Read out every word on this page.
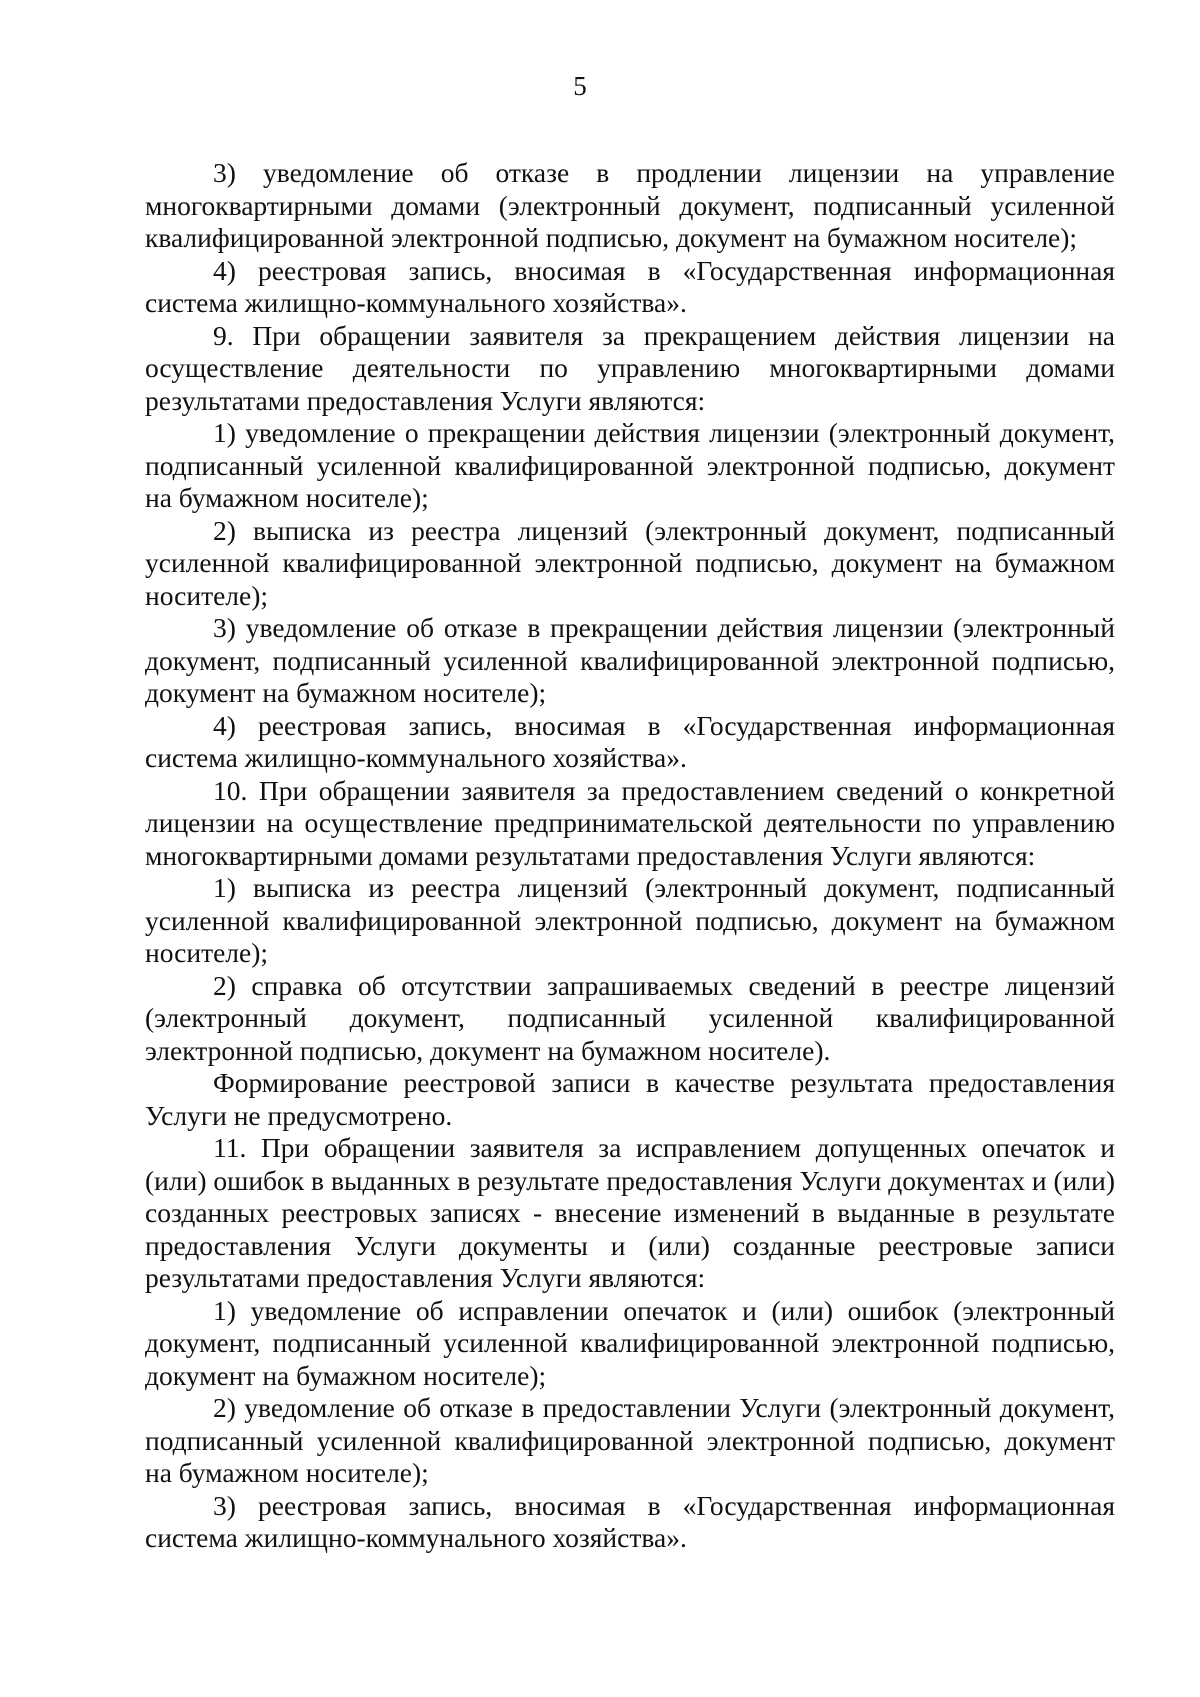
5

3) уведомление об отказе в продлении лицензии на управление многоквартирными домами (электронный документ, подписанный усиленной квалифицированной электронной подписью, документ на бумажном носителе);

4) реестровая запись, вносимая в «Государственная информационная система жилищно-коммунального хозяйства».

9. При обращении заявителя за прекращением действия лицензии на осуществление деятельности по управлению многоквартирными домами результатами предоставления Услуги являются:

1) уведомление о прекращении действия лицензии (электронный документ, подписанный усиленной квалифицированной электронной подписью, документ на бумажном носителе);

2) выписка из реестра лицензий (электронный документ, подписанный усиленной квалифицированной электронной подписью, документ на бумажном носителе);

3) уведомление об отказе в прекращении действия лицензии (электронный документ, подписанный усиленной квалифицированной электронной подписью, документ на бумажном носителе);

4) реестровая запись, вносимая в «Государственная информационная система жилищно-коммунального хозяйства».

10. При обращении заявителя за предоставлением сведений о конкретной лицензии на осуществление предпринимательской деятельности по управлению многоквартирными домами результатами предоставления Услуги являются:

1) выписка из реестра лицензий (электронный документ, подписанный усиленной квалифицированной электронной подписью, документ на бумажном носителе);

2) справка об отсутствии запрашиваемых сведений в реестре лицензий (электронный документ, подписанный усиленной квалифицированной электронной подписью, документ на бумажном носителе).

Формирование реестровой записи в качестве результата предоставления Услуги не предусмотрено.

11. При обращении заявителя за исправлением допущенных опечаток и (или) ошибок в выданных в результате предоставления Услуги документах и (или) созданных реестровых записях - внесение изменений в выданные в результате предоставления Услуги документы и (или) созданные реестровые записи результатами предоставления Услуги являются:

1) уведомление об исправлении опечаток и (или) ошибок (электронный документ, подписанный усиленной квалифицированной электронной подписью, документ на бумажном носителе);

2) уведомление об отказе в предоставлении Услуги (электронный документ, подписанный усиленной квалифицированной электронной подписью, документ на бумажном носителе);

3) реестровая запись, вносимая в «Государственная информационная система жилищно-коммунального хозяйства».
